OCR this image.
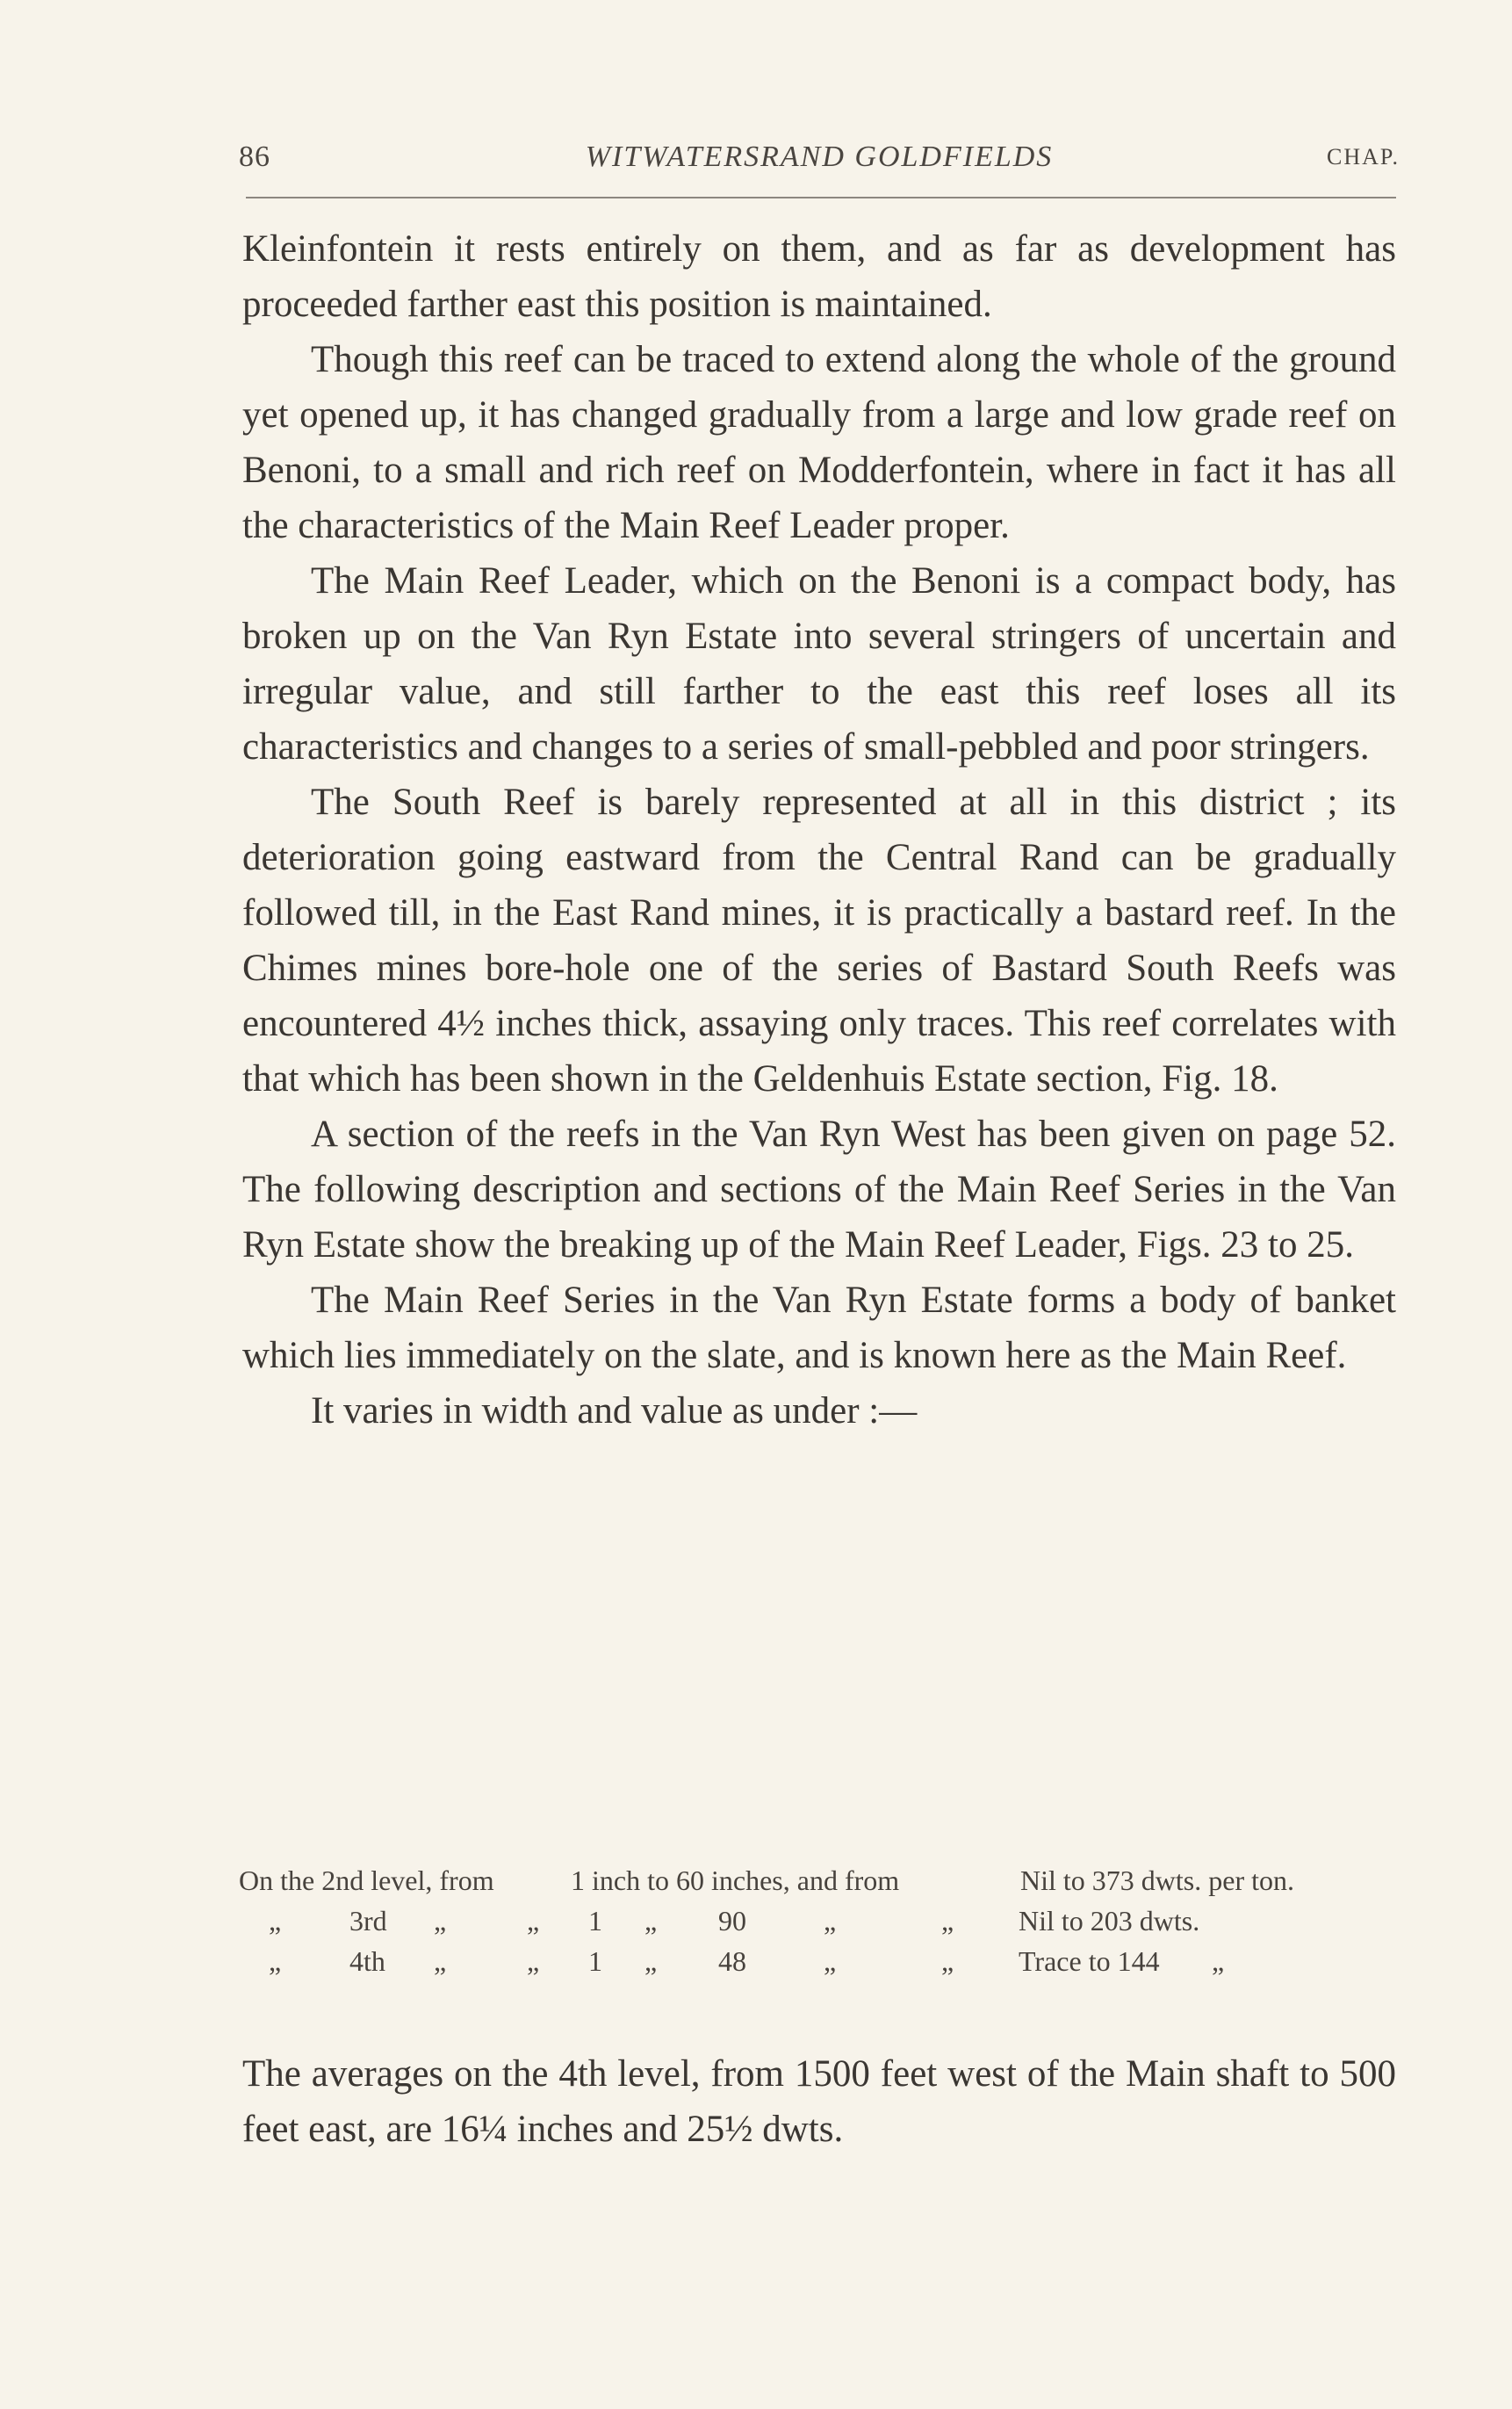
86	WITWATERSRAND GOLDFIELDS	CHAP.

Kleinfontein it rests entirely on them, and as far as development has proceeded farther east this position is maintained.

Though this reef can be traced to extend along the whole of the ground yet opened up, it has changed gradually from a large and low grade reef on Benoni, to a small and rich reef on Modderfontein, where in fact it has all the characteristics of the Main Reef Leader proper.

The Main Reef Leader, which on the Benoni is a compact body, has broken up on the Van Ryn Estate into several stringers of uncertain and irregular value, and still farther to the east this reef loses all its characteristics and changes to a series of small-pebbled and poor stringers.

The South Reef is barely represented at all in this district ; its deterioration going eastward from the Central Rand can be gradually followed till, in the East Rand mines, it is practically a bastard reef. In the Chimes mines bore-hole one of the series of Bastard South Reefs was encountered 4½ inches thick, assaying only traces. This reef correlates with that which has been shown in the Geldenhuis Estate section, Fig. 18.

A section of the reefs in the Van Ryn West has been given on page 52. The following description and sections of the Main Reef Series in the Van Ryn Estate show the breaking up of the Main Reef Leader, Figs. 23 to 25.

The Main Reef Series in the Van Ryn Estate forms a body of banket which lies immediately on the slate, and is known here as the Main Reef.

It varies in width and value as under :—

On the 2nd level, from	1 inch to 60 inches, and from	Nil to 373 dwts. per ton.
„ 3rd „	„ 1 „ 90	„	„ Nil to 203 dwts.
„ 4th „	„ 1 „ 48	„	„ Trace to 144 „

The averages on the 4th level, from 1500 feet west of the Main shaft to 500 feet east, are 16¼ inches and 25½ dwts.
